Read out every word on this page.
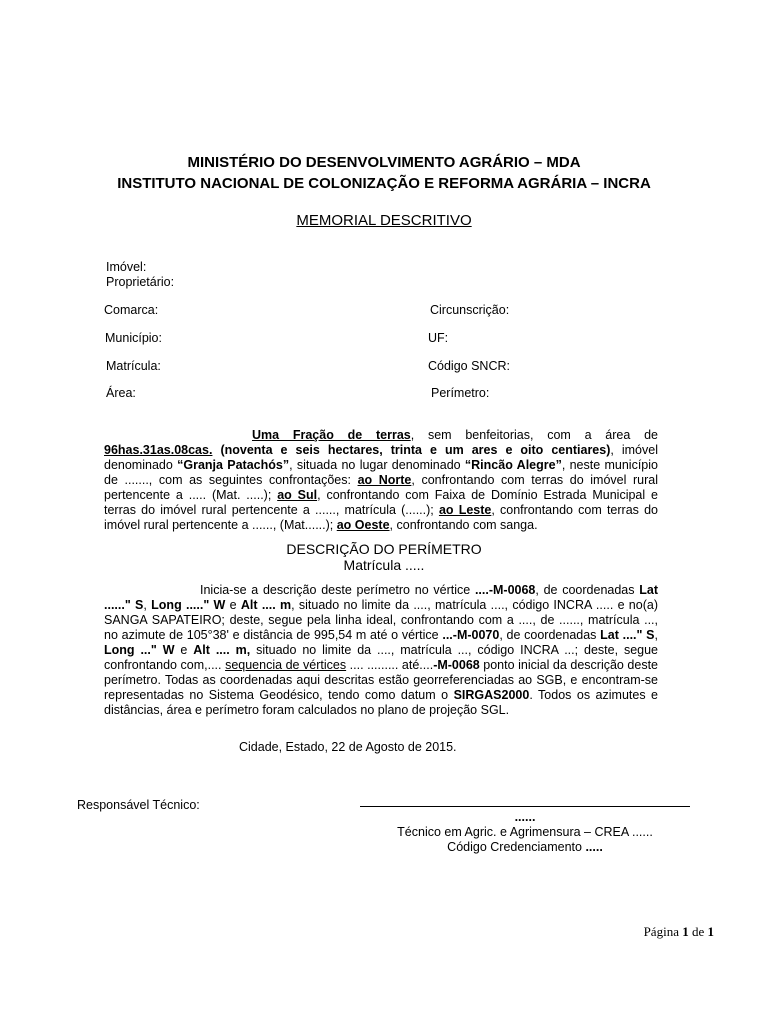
MINISTÉRIO DO DESENVOLVIMENTO AGRÁRIO – MDA
INSTITUTO NACIONAL DE COLONIZAÇÃO E REFORMA AGRÁRIA – INCRA
MEMORIAL DESCRITIVO
Imóvel:
Proprietário:
Comarca:	Circunscrição:
Município:	UF:
Matrícula:	Código SNCR:
Área:	Perímetro:

Uma Fração de terras, sem benfeitorias, com a área de 96has.31as.08cas. (noventa e seis hectares, trinta e um ares e oito centiares), imóvel denominado “Granja Patachós”, situada no lugar denominado “Rincão Alegre”, neste município de ......., com as seguintes confrontações: ao Norte, confrontando com terras do imóvel rural pertencente a ..... (Mat. .....); ao Sul, confrontando com Faixa de Domínio Estrada Municipal e terras do imóvel rural pertencente a ......, matrícula (......); ao Leste, confrontando com terras do imóvel rural pertencente a ......, (Mat......); ao Oeste, confrontando com sanga.

DESCRIÇÃO DO PERÍMETRO
Matrícula .....

Inicia-se a descrição deste perímetro no vértice ....-M-0068, de coordenadas Lat ......" S, Long ....." W e Alt .... m, situado no limite da ...., matrícula ...., código INCRA ..... e no(a) SANGA SAPATEIRO; deste, segue pela linha ideal, confrontando com a ...., de ......, matrícula ..., no azimute de 105°38' e distância de 995,54 m até o vértice ...-M-0070, de coordenadas Lat ...." S, Long ..." W e Alt .... m, situado no limite da ...., matrícula ..., código INCRA ...; deste, segue confrontando com,.... sequencia de vértices .... ......... até....-M-0068 ponto inicial da descrição deste perímetro. Todas as coordenadas aqui descritas estão georreferenciadas ao SGB, e encontram-se representadas no Sistema Geodésico, tendo como datum o SIRGAS2000. Todos os azimutes e distâncias, área e perímetro foram calculados no plano de projeção SGL.

Cidade, Estado, 22 de Agosto de 2015.
Responsável Técnico:
......
Técnico em Agric. e Agrimensura – CREA ......
Código Credenciamento .....
Página 1 de 1
